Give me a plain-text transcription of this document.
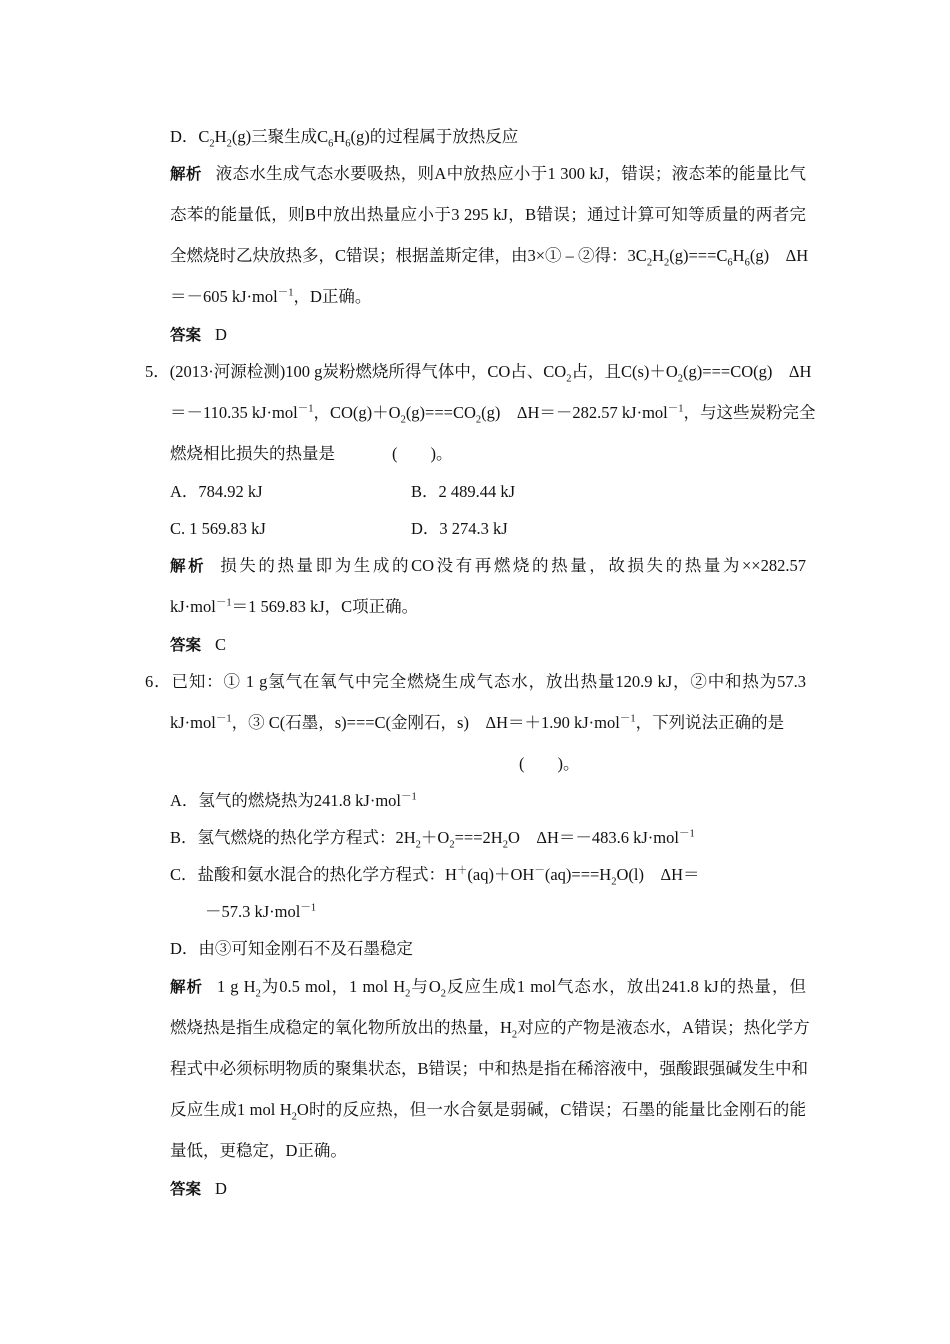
D．$C_2H_2(g)$三聚生成$C_6H_6(g)$的过程属于放热反应
解析 液态水生成气态水要吸热，则A中放热应小于1 300 kJ，错误；液态苯的能量比气
态苯的能量低，则B中放出热量应小于3 295 kJ，B错误；通过计算可知等质量的两者完
全燃烧时乙炔放热多，C错误；根据盖斯定律，由3×① – ②得：$3C_2H_2(g)===C_6H_6(g)$　ΔH
＝－605 kJ·mol$^{-1}$，D正确。
答案 D
5．(2013·河源检测)100 g炭粉燃烧所得气体中，CO占、$CO_2$占，且$C(s)+O_2(g)===CO(g)$　ΔH
＝－110.35 kJ·mol$^{-1}$，$CO(g)+O_2(g)===CO_2(g)$　ΔH＝－282.57 kJ·mol$^{-1}$，与这些炭粉完全
燃烧相比损失的热量是	(　　)。
A．784.92 kJ	B．2 489.44 kJ
C. 1 569.83 kJ	D．3 274.3 kJ
解析 损失的热量即为生成的CO没有再燃烧的热量，故损失的热量为××282.57
kJ·mol$^{-1}$＝1 569.83 kJ，C项正确。
答案 C
6．已知：① 1 g氢气在氧气中完全燃烧生成气态水，放出热量120.9 kJ，②中和热为57.3
kJ·mol$^{-1}$，③ C(石墨，s)===C(金刚石，s)　ΔH＝＋1.90 kJ·mol$^{-1}$，下列说法正确的是
(　　)。
A．氢气的燃烧热为241.8 kJ·mol$^{-1}$
B．氢气燃烧的热化学方程式：$2H_2+O_2===2H_2O$　ΔH＝－483.6 kJ·mol$^{-1}$
C．盐酸和氨水混合的热化学方程式：$H^+(aq)+OH^-(aq)===H_2O(l)$　ΔH＝
－57.3 kJ·mol$^{-1}$
D．由③可知金刚石不及石墨稳定
解析 1 g $H_2$为0.5 mol，1 mol $H_2$与$O_2$反应生成1 mol气态水，放出241.8 kJ的热量，但
燃烧热是指生成稳定的氧化物所放出的热量，$H_2$对应的产物是液态水，A错误；热化学方
程式中必须标明物质的聚集状态，B错误；中和热是指在稀溶液中，强酸跟强碱发生中和
反应生成1 mol $H_2O$时的反应热，但一水合氨是弱碱，C错误；石墨的能量比金刚石的能
量低，更稳定，D正确。
答案 D
